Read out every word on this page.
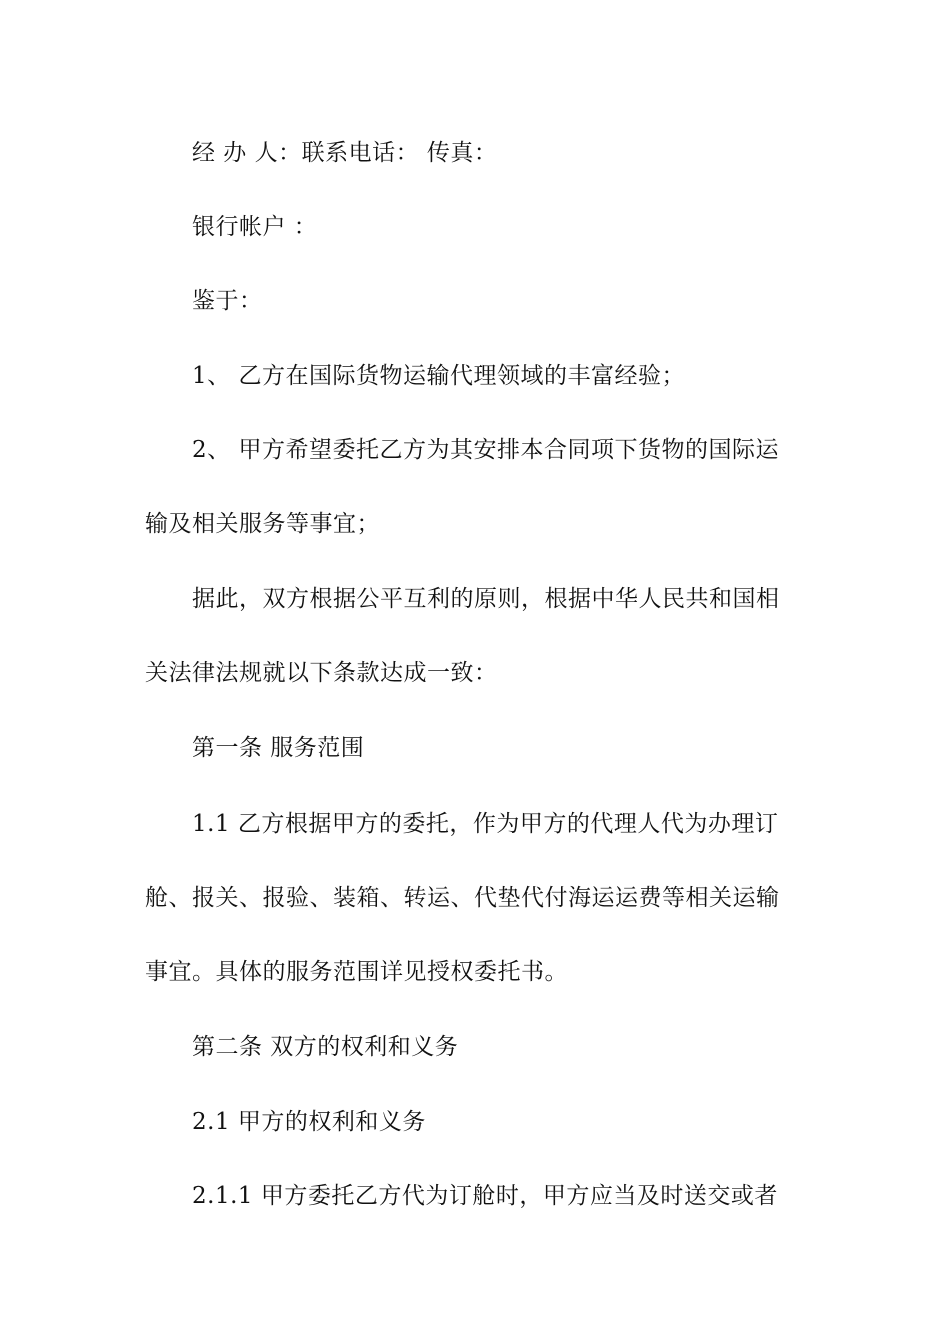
经 办 人：联系电话： 传真：
银行帐户 ：
鉴于：
1、 乙方在国际货物运输代理领域的丰富经验；
2、 甲方希望委托乙方为其安排本合同项下货物的国际运
输及相关服务等事宜；
据此，双方根据公平互利的原则，根据中华人民共和国相
关法律法规就以下条款达成一致：
第一条 服务范围
1.1 乙方根据甲方的委托，作为甲方的代理人代为办理订
舱、报关、报验、装箱、转运、代垫代付海运运费等相关运输
事宜。具体的服务范围详见授权委托书。
第二条 双方的权利和义务
2.1 甲方的权利和义务
2.1.1 甲方委托乙方代为订舱时，甲方应当及时送交或者
